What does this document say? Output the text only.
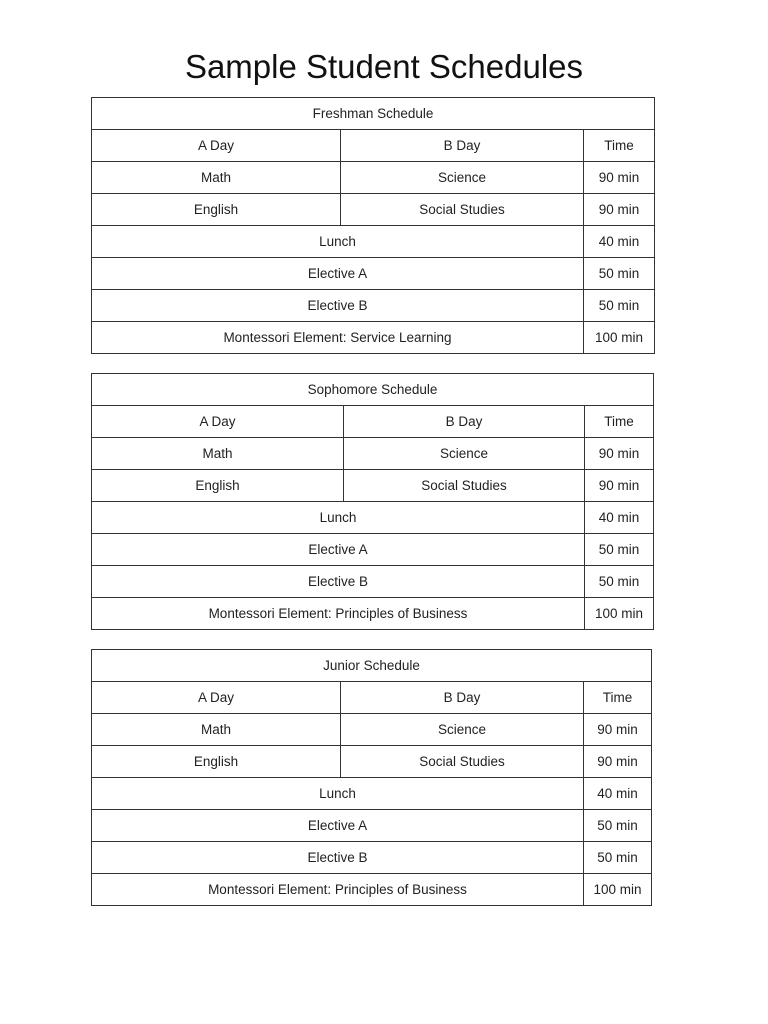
Sample Student Schedules
Freshman Schedule		
A Day	B Day	Time
Math	Science	90 min
English	Social Studies	90 min
Lunch		40 min
Elective A		50 min
Elective B		50 min
Montessori Element: Service Learning		100 min
Sophomore Schedule		
A Day	B Day	Time
Math	Science	90 min
English	Social Studies	90 min
Lunch		40 min
Elective A		50 min
Elective B		50 min
Montessori Element: Principles of Business		100 min
Junior Schedule		
A Day	B Day	Time
Math	Science	90 min
English	Social Studies	90 min
Lunch		40 min
Elective A		50 min
Elective B		50 min
Montessori Element: Principles of Business		100 min
